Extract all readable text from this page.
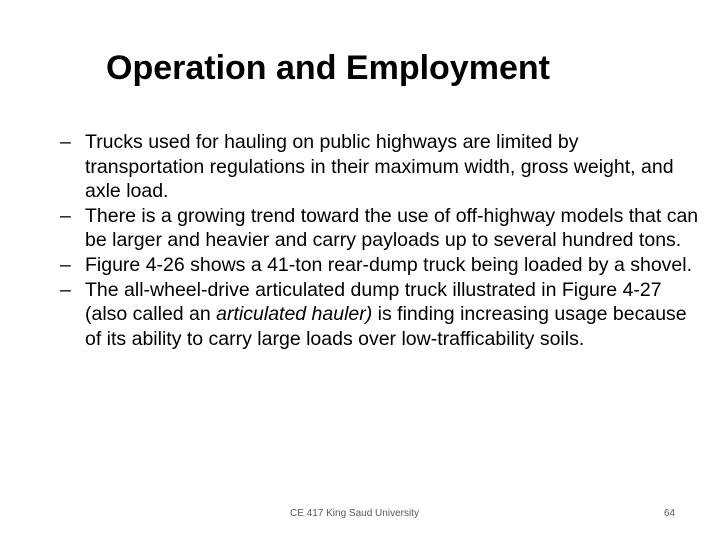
Operation and Employment
– Trucks used for hauling on public highways are limited by transportation regulations in their maximum width, gross weight, and axle load.
– There is a growing trend toward the use of off-highway models that can be larger and heavier and carry payloads up to several hundred tons.
– Figure 4-26 shows a 41-ton rear-dump truck being loaded by a shovel.
– The all-wheel-drive articulated dump truck illustrated in Figure 4-27 (also called an articulated hauler) is finding increasing usage because of its ability to carry large loads over low-trafficability soils.
CE 417 King Saud University	64
